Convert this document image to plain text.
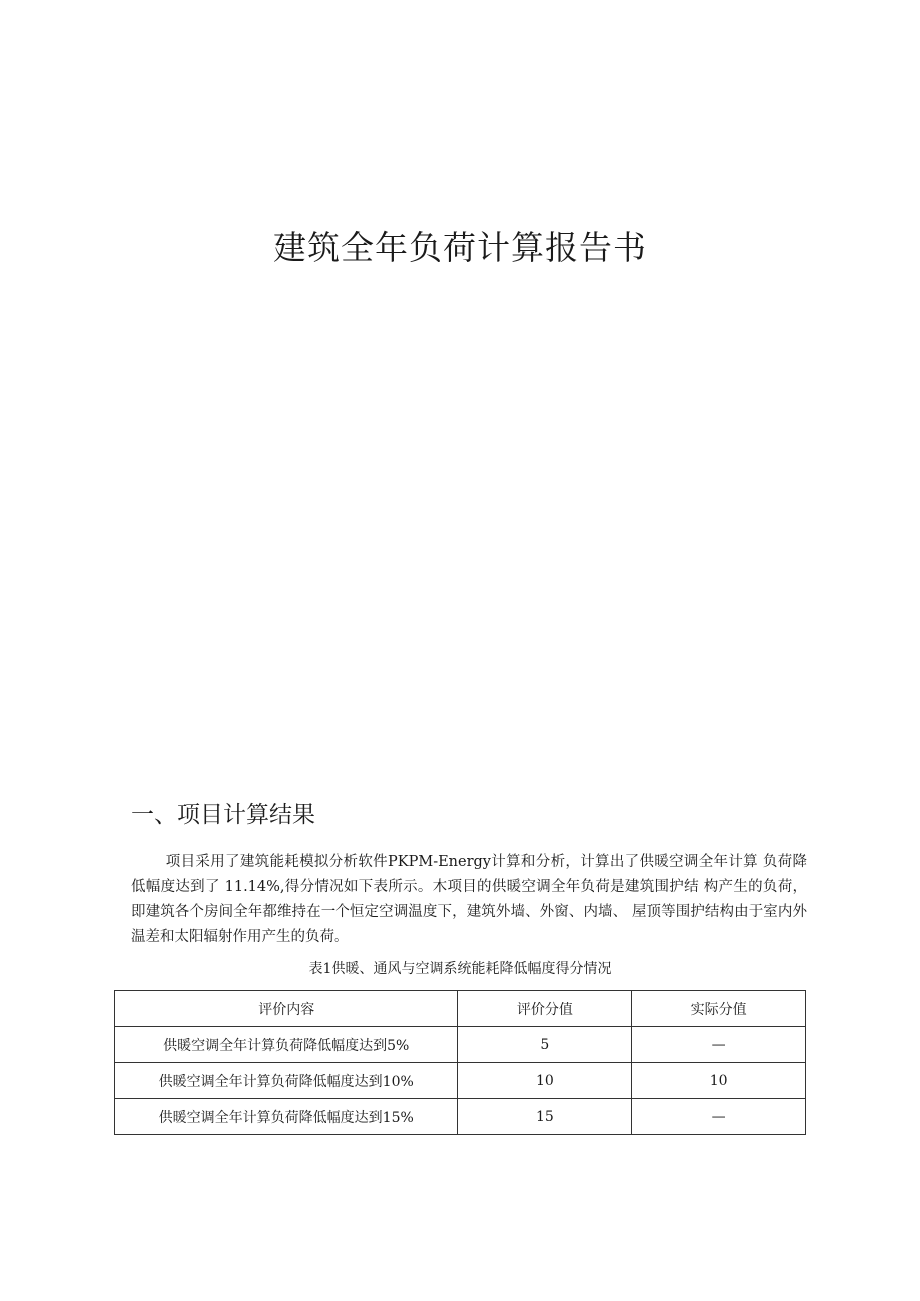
建筑全年负荷计算报告书
一、项目计算结果

项目采用了建筑能耗模拟分析软件PKPM-Energy计算和分析，计算出了供暖空调全年计算 负荷降低幅度达到了 11.14%,得分情况如下表所示。木项目的供暖空调全年负荷是建筑围护结 构产生的负荷，即建筑各个房间全年都维持在一个恒定空调温度下，建筑外墙、外窗、内墙、 屋顶等围护结构由于室内外温差和太阳辐射作用产生的负荷。

表1供暖、通风与空调系统能耗降低幅度得分情况

评价内容	评价分值	实际分值
供暖空调全年计算负荷降低幅度达到5%	5	—
供暖空调全年计算负荷降低幅度达到10%	10	10
供暖空调全年计算负荷降低幅度达到15%	15	—
